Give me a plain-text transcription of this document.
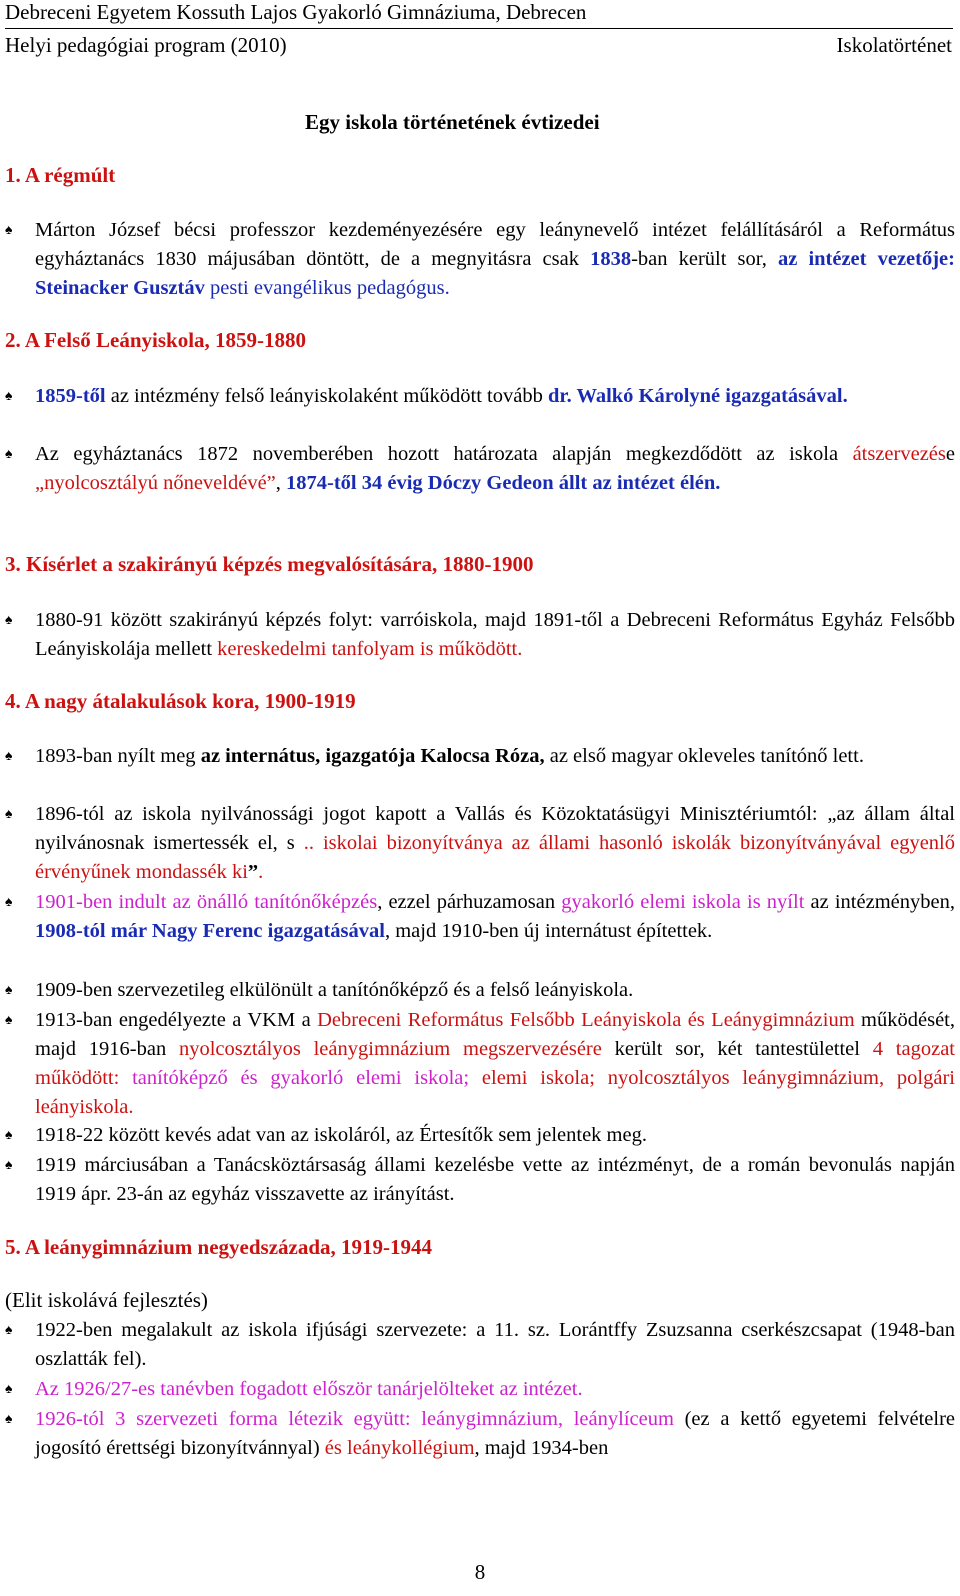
Debreceni Egyetem Kossuth Lajos Gyakorló Gimnáziuma, Debrecen
Helyi pedagógiai program (2010)	Iskolatörténet
Egy iskola történetének évtizedei
1. A régmúlt
♠ Márton József bécsi professzor kezdeményezésére egy leánynevelő intézet felállításáról a Református egyháztanács 1830 májusában döntött, de a megnyitásra csak 1838-ban került sor, az intézet vezetője: Steinacker Gusztáv pesti evangélikus pedagógus.
2. A Felső Leányiskola, 1859-1880
♠ 1859-től az intézmény felső leányiskolaként működött tovább dr. Walkó Károlyné igazgatásával.
♠ Az egyháztanács 1872 novemberében hozott határozata alapján megkezdődött az iskola átszervezése „nyolcosztályú nőneveldévé”, 1874-től 34 évig Dóczy Gedeon állt az intézet élén.
3. Kísérlet a szakirányú képzés megvalósítására, 1880-1900
♠ 1880-91 között szakirányú képzés folyt: varróiskola, majd 1891-től a Debreceni Református Egyház Felsőbb Leányiskolája mellett kereskedelmi tanfolyam is működött.
4. A nagy átalakulások kora, 1900-1919
♠ 1893-ban nyílt meg az internátus, igazgatója Kalocsa Róza, az első magyar okleveles tanítónő lett.
♠ 1896-tól az iskola nyilvánossági jogot kapott a Vallás és Közoktatásügyi Minisztériumtól: „az állam által nyilvánosnak ismertessék el, s .. iskolai bizonyítványa az állami hasonló iskolák bizonyítványával egyenlő érvényűnek mondassék ki”.
♠ 1901-ben indult az önálló tanítónőképzés, ezzel párhuzamosan gyakorló elemi iskola is nyílt az intézményben, 1908-tól már Nagy Ferenc igazgatásával, majd 1910-ben új internátust építettek.
♠ 1909-ben szervezetileg elkülönült a tanítónőképző és a felső leányiskola.
♠ 1913-ban engedélyezte a VKM a Debreceni Református Felsőbb Leányiskola és Leánygimnázium működését, majd 1916-ban nyolcosztályos leánygimnázium megszervezésére került sor, két tantestülettel 4 tagozat működött: tanítóképző és gyakorló elemi iskola; elemi iskola; nyolcosztályos leánygimnázium, polgári leányiskola.
♠ 1918-22 között kevés adat van az iskoláról, az Értesítők sem jelentek meg.
♠ 1919 márciusában a Tanácsköztársaság állami kezelésbe vette az intézményt, de a román bevonulás napján 1919 ápr. 23-án az egyház visszavette az irányítást.
5. A leánygimnázium negyedszázada, 1919-1944
(Elit iskolává fejlesztés)
♠ 1922-ben megalakult az iskola ifjúsági szervezete: a 11. sz. Lorántffy Zsuzsanna cserkészcsapat (1948-ban oszlatták fel).
♠ Az 1926/27-es tanévben fogadott először tanárjelölteket az intézet.
♠ 1926-tól 3 szervezeti forma létezik együtt: leánygimnázium, leánylíceum (ez a kettő egyetemi felvételre jogosító érettségi bizonyítvánnyal) és leánykollégium, majd 1934-ben
8
